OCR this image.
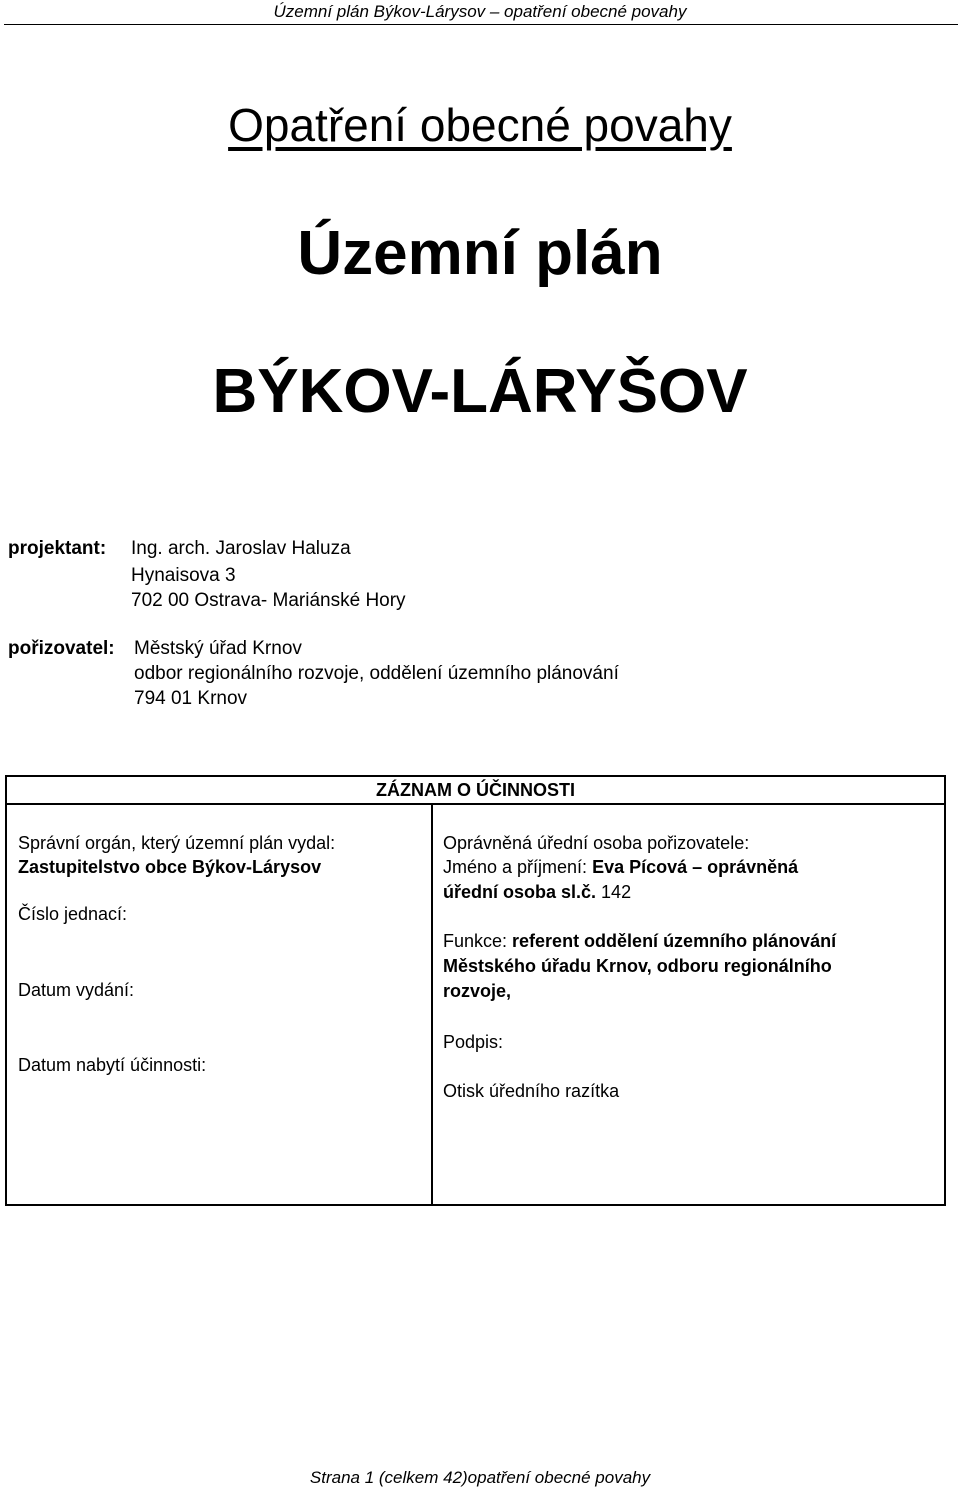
Územní plán Býkov-Lárysov – opatření obecné povahy
Opatření obecné povahy
Územní plán
BÝKOV-LÁRYŠOV
projektant: Ing. arch. Jaroslav Haluza
Hynaisova 3
702 00 Ostrava- Mariánské Hory
pořizovatel: Městský úřad Krnov
odbor regionálního rozvoje, oddělení územního plánování
794 01 Krnov
ZÁZNAM O ÚČINNOSTI
Správní orgán, který územní plán vydal:
Zastupitelstvo obce Býkov-Lárysov
Číslo jednací:
Datum vydání:
Datum nabytí účinnosti:
Oprávněná úřední osoba pořizovatele:
Jméno a příjmení: Eva Pícová – oprávněná
úřední osoba sl.č. 142
Funkce: referent oddělení územního plánování
Městského úřadu Krnov, odboru regionálního
rozvoje,
Podpis:
Otisk úředního razítka
Strana 1 (celkem 42)opatření obecné povahy
